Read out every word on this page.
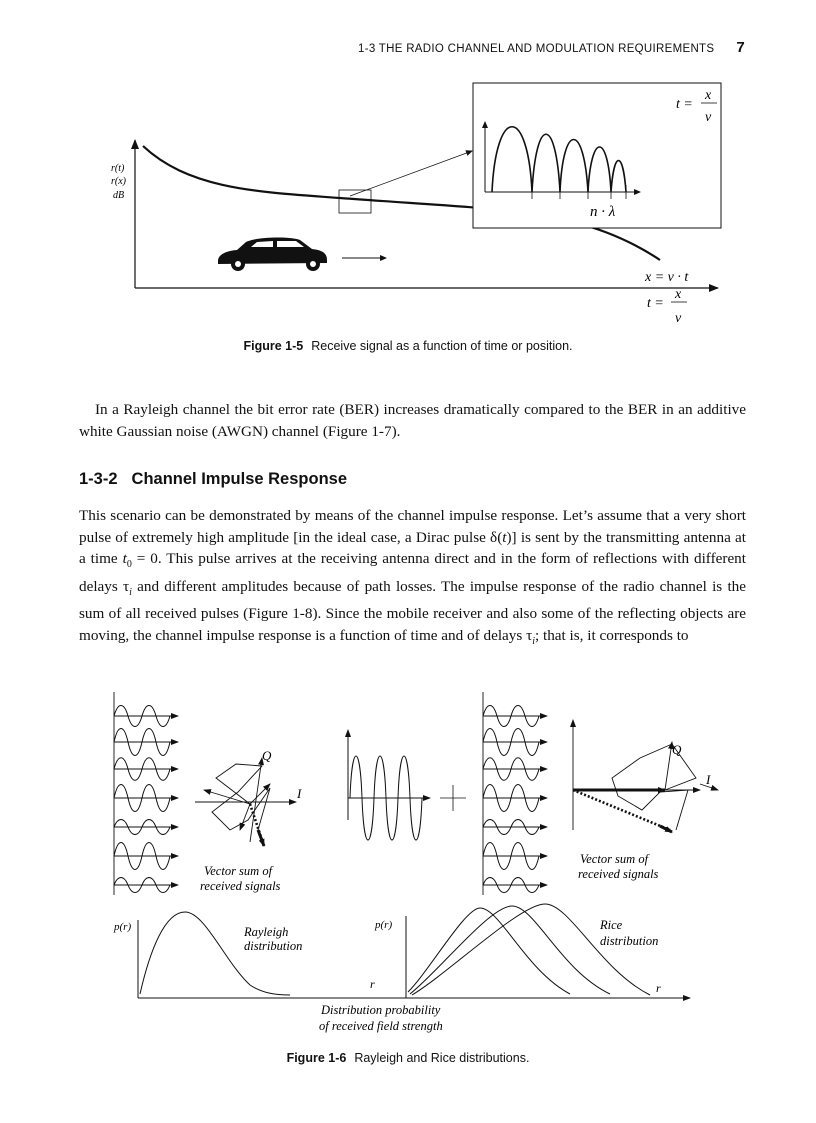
1-3 THE RADIO CHANNEL AND MODULATION REQUIREMENTS 7
r(t)
r(x)
dB
t =
x
v
n · λ
x = v · t
t =
x
v
Figure 1-5 Receive signal as a function of time or position.
In a Rayleigh channel the bit error rate (BER) increases dramatically compared to the BER in an additive white Gaussian noise (AWGN) channel (Figure 1-7).
1-3-2 Channel Impulse Response
This scenario can be demonstrated by means of the channel impulse response. Let’s assume that a very short pulse of extremely high amplitude [in the ideal case, a Dirac pulse δ(t)] is sent by the transmitting antenna at a time $t_0 = 0$. This pulse arrives at the receiving antenna direct and in the form of reflections with different delays $\tau_i$ and different amplitudes because of path losses. The impulse response of the radio channel is the sum of all received pulses (Figure 1-8). Since the mobile receiver and also some of the reflecting objects are moving, the channel impulse response is a function of time and of delays $\tau_i$; that is, it corresponds to
Q
I
Vector sum of
received signals
Q
I
Vector sum of
received signals
p(r)	Rayleigh
distribution
r
p(r)	Rice
distribution
r
Distribution probability
of received field strength
Figure 1-6 Rayleigh and Rice distributions.
